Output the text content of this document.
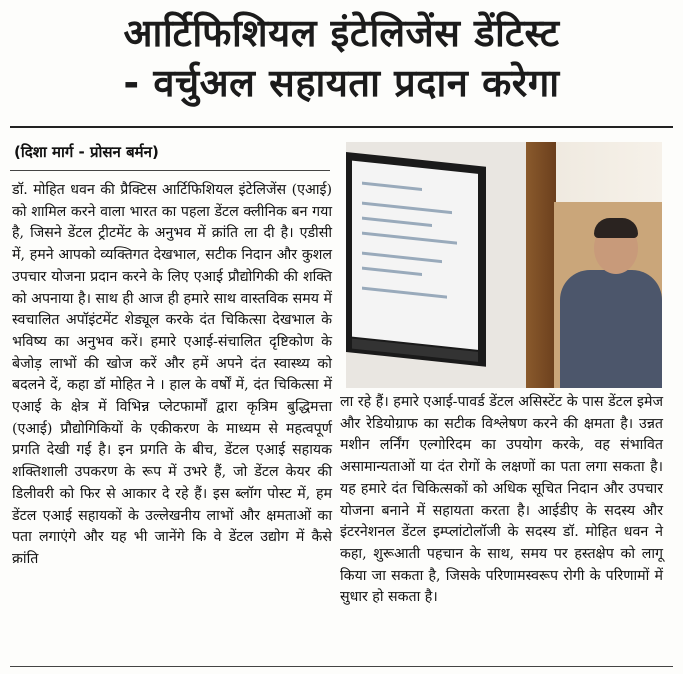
आर्टिफिशियल इंटेलिजेंस डेंटिस्ट
- वर्चुअल सहायता प्रदान करेगा
(दिशा मार्ग - प्रोसन बर्मन)
डॉ. मोहित धवन की प्रैक्टिस आर्टिफिशियल इंटेलिजेंस (एआई) को शामिल करने वाला भारत का पहला डेंटल क्लीनिक बन गया है, जिसने डेंटल ट्रीटमेंट के अनुभव में क्रांति ला दी है। एडीसी में, हमने आपको व्यक्तिगत देखभाल, सटीक निदान और कुशल उपचार योजना प्रदान करने के लिए एआई प्रौद्योगिकी की शक्ति को अपनाया है। साथ ही आज ही हमारे साथ वास्तविक समय में स्वचालित अपॉइंटमेंट शेड्यूल करके दंत चिकित्सा देखभाल के भविष्य का अनुभव करें। हमारे एआई-संचालित दृष्टिकोण के बेजोड़ लाभों की खोज करें और हमें अपने दंत स्वास्थ्य को बदलने दें, कहा डॉ मोहित ने । हाल के वर्षों में, दंत चिकित्सा में एआई के क्षेत्र में विभिन्न प्लेटफार्मों द्वारा कृत्रिम बुद्धिमत्ता (एआई) प्रौद्योगिकियों के एकीकरण के माध्यम से महत्वपूर्ण प्रगति देखी गई है। इन प्रगति के बीच, डेंटल एआई सहायक शक्तिशाली उपकरण के रूप में उभरे हैं, जो डेंटल केयर की डिलीवरी को फिर से आकार दे रहे हैं। इस ब्लॉग पोस्ट में, हम डेंटल एआई सहायकों के उल्लेखनीय लाभों और क्षमताओं का पता लगाएंगे और यह भी जानेंगे कि वे डेंटल उद्योग में कैसे क्रांति
ला रहे हैं। हमारे एआई-पावर्ड डेंटल असिस्टेंट के पास डेंटल इमेज और रेडियोग्राफ का सटीक विश्लेषण करने की क्षमता है। उन्नत मशीन लर्निंग एल्गोरिदम का उपयोग करके, वह संभावित असामान्यताओं या दंत रोगों के लक्षणों का पता लगा सकता है। यह हमारे दंत चिकित्सकों को अधिक सूचित निदान और उपचार योजना बनाने में सहायता करता है। आईडीए के सदस्य और इंटरनेशनल डेंटल इम्प्लांटोलॉजी के सदस्य डॉ. मोहित धवन ने कहा, शुरूआती पहचान के साथ, समय पर हस्तक्षेप को लागू किया जा सकता है, जिसके परिणामस्वरूप रोगी के परिणामों में सुधार हो सकता है।
